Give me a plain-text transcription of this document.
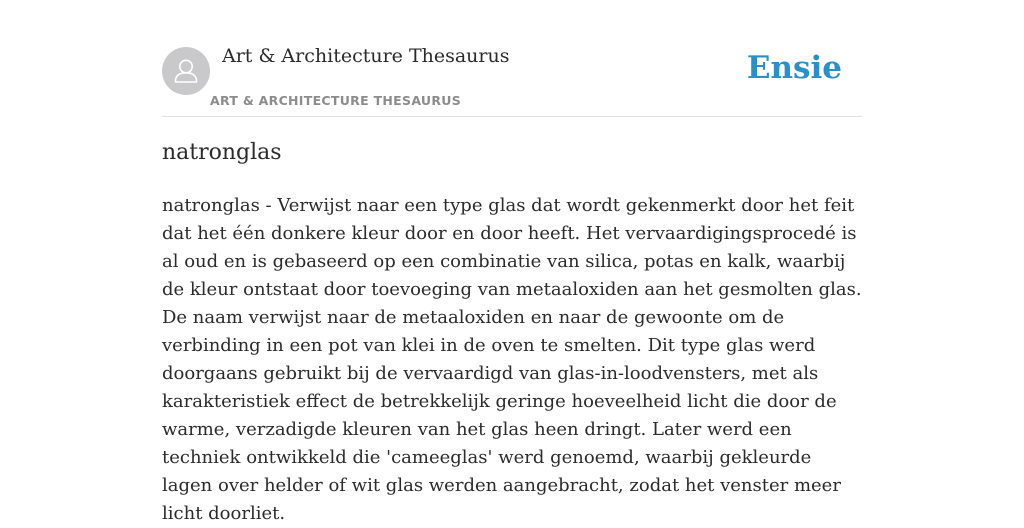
Art & Architecture Thesaurus
ART & ARCHITECTURE THESAURUS
Ensie
natronglas

natronglas - Verwijst naar een type glas dat wordt gekenmerkt door het feit dat het één donkere kleur door en door heeft. Het vervaardigingsprocedé is al oud en is gebaseerd op een combinatie van silica, potas en kalk, waarbij de kleur ontstaat door toevoeging van metaaloxiden aan het gesmolten glas. De naam verwijst naar de metaaloxiden en naar de gewoonte om de verbinding in een pot van klei in de oven te smelten. Dit type glas werd doorgaans gebruikt bij de vervaardigd van glas-in-loodvensters, met als karakteristiek effect de betrekkelijk geringe hoeveelheid licht die door de warme, verzadigde kleuren van het glas heen dringt. Later werd een techniek ontwikkeld die 'cameeglas' werd genoemd, waarbij gekleurde lagen over helder of wit glas werden aangebracht, zodat het venster meer licht doorliet.
